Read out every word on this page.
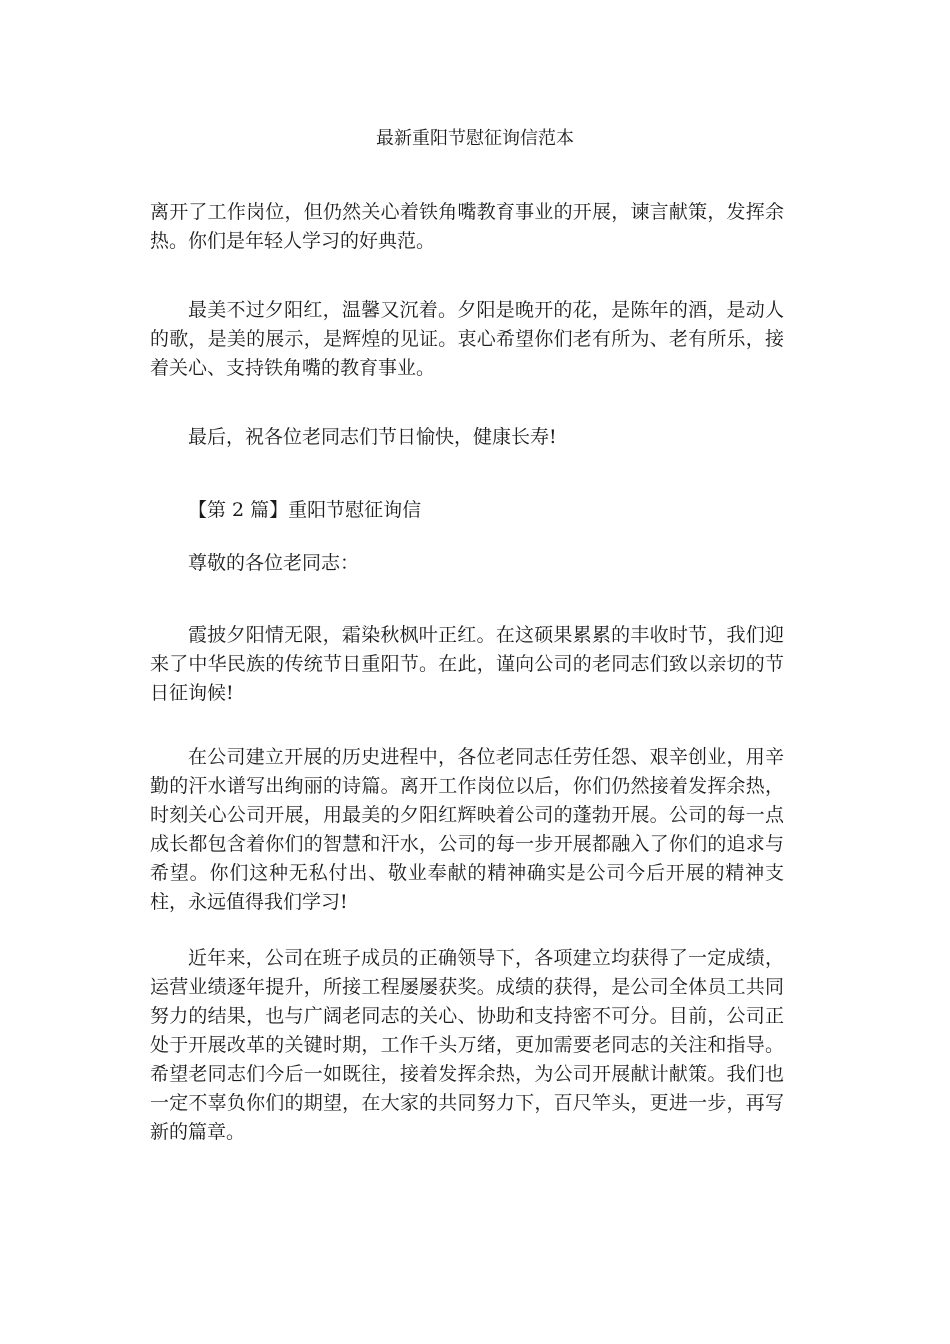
最新重阳节慰征询信范本

离开了工作岗位，但仍然关心着铁角嘴教育事业的开展，谏言献策，发挥余热。你们是年轻人学习的好典范。

最美不过夕阳红，温馨又沉着。夕阳是晚开的花，是陈年的酒，是动人的歌，是美的展示，是辉煌的见证。衷心希望你们老有所为、老有所乐，接着关心、支持铁角嘴的教育事业。

最后，祝各位老同志们节日愉快，健康长寿!

【第 2 篇】重阳节慰征询信

尊敬的各位老同志：

霞披夕阳情无限，霜染秋枫叶正红。在这硕果累累的丰收时节，我们迎来了中华民族的传统节日重阳节。在此，谨向公司的老同志们致以亲切的节日征询候!

在公司建立开展的历史进程中，各位老同志任劳任怨、艰辛创业，用辛勤的汗水谱写出绚丽的诗篇。离开工作岗位以后，你们仍然接着发挥余热，时刻关心公司开展，用最美的夕阳红辉映着公司的蓬勃开展。公司的每一点成长都包含着你们的智慧和汗水，公司的每一步开展都融入了你们的追求与希望。你们这种无私付出、敬业奉献的精神确实是公司今后开展的精神支柱，永远值得我们学习!

近年来，公司在班子成员的正确领导下，各项建立均获得了一定成绩，运营业绩逐年提升，所接工程屡屡获奖。成绩的获得，是公司全体员工共同努力的结果，也与广阔老同志的关心、协助和支持密不可分。目前，公司正处于开展改革的关键时期，工作千头万绪，更加需要老同志的关注和指导。希望老同志们今后一如既往，接着发挥余热，为公司开展献计献策。我们也一定不辜负你们的期望，在大家的共同努力下，百尺竿头，更进一步，再写新的篇章。
